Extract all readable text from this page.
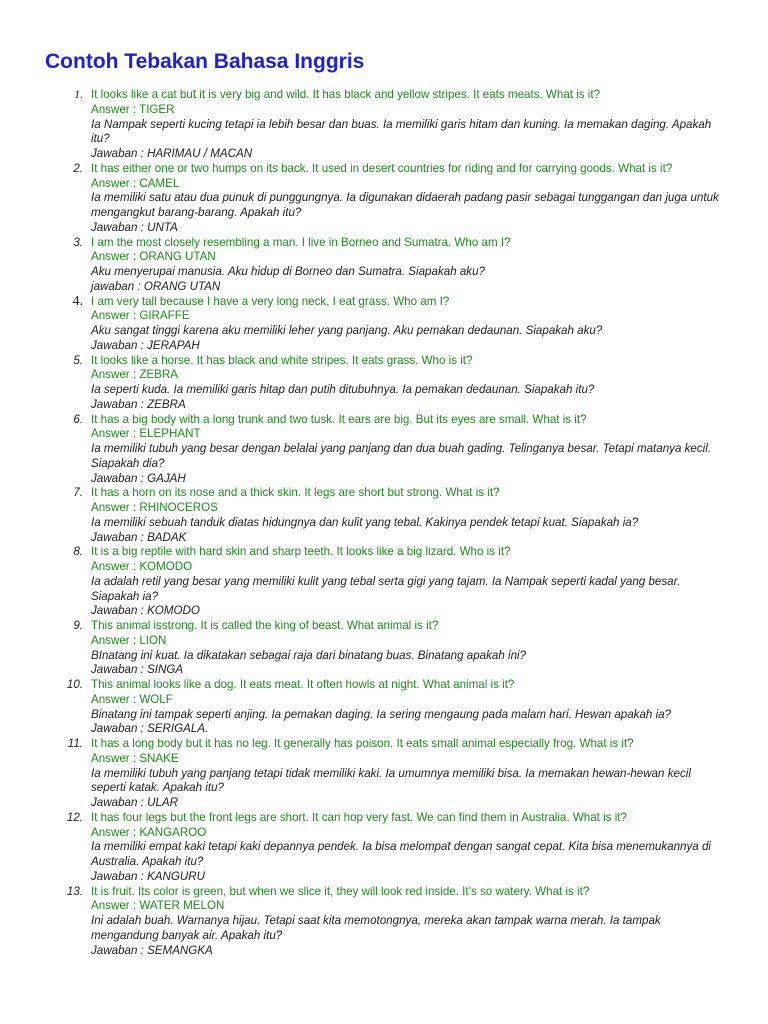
Contoh Tebakan Bahasa Inggris
1. It looks like a cat but it is very big and wild. It has black and yellow stripes. It eats meats. What is it?
Answer : TIGER
Ia Nampak seperti kucing tetapi ia lebih besar dan buas. Ia memiliki garis hitam dan kuning. Ia memakan daging. Apakah itu?
Jawaban : HARIMAU / MACAN
2. It has either one or two humps on its back. It used in desert countries for riding and for carrying goods. What is it?
Answer : CAMEL
Ia memiliki satu atau dua punuk di punggungnya. Ia digunakan didaerah padang pasir sebagai tunggangan dan juga untuk mengangkut barang-barang. Apakah itu?
Jawaban : UNTA
3. I am the most closely resembling a man. I live in Borneo and Sumatra. Who am I?
Answer : ORANG UTAN
Aku menyerupai manusia. Aku hidup di Borneo dan Sumatra. Siapakah aku?
jawaban : ORANG UTAN
4. I am very tall because I have a very long neck, I eat grass. Who am I?
Answer : GIRAFFE
Aku sangat tinggi karena aku memiliki leher yang panjang. Aku pemakan dedaunan. Siapakah aku?
Jawaban : JERAPAH
5. It looks like a horse. It has black and white stripes. It eats grass. Who is it?
Answer : ZEBRA
Ia seperti kuda. Ia memiliki garis hitap dan putih ditubuhnya. Ia pemakan dedaunan. Siapakah itu?
Jawaban : ZEBRA
6. It has a big body with a long trunk and two tusk. It ears are big. But its eyes are small. What is it?
Answer : ELEPHANT
Ia memiliki tubuh yang besar dengan belalai yang panjang dan dua buah gading. Telinganya besar. Tetapi matanya kecil. Siapakah dia?
Jawaban : GAJAH
7. It has a horn on its nose and a thick skin. It legs are short but strong. What is it?
Answer : RHINOCEROS
Ia memiliki sebuah tanduk diatas hidungnya dan kulit yang tebal. Kakinya pendek tetapi kuat. Siapakah ia?
Jawaban : BADAK
8. It is a big reptile with hard skin and sharp teeth. It looks like a big lizard. Who is it?
Answer : KOMODO
Ia adalah retil yang besar yang memiliki kulit yang tebal serta gigi yang tajam. Ia Nampak seperti kadal yang besar. Siapakah ia?
Jawaban : KOMODO
9. This animal isstrong. It is called the king of beast. What animal is it?
Answer : LION
BInatang ini kuat. Ia dikatakan sebagai raja dari binatang buas. Binatang apakah ini?
Jawaban : SINGA
10. This animal looks like a dog. It eats meat. It often howls at night. What animal is it?
Answer : WOLF
Binatang ini tampak seperti anjing. Ia pemakan daging. Ia sering mengaung pada malam hari. Hewan apakah ia?
Jawaban : SERIGALA.
11. It has a long body but it has no leg. It generally has poison. It eats small animal especially frog. What is it?
Answer : SNAKE
Ia memiliki tubuh yang panjang tetapi tidak memiliki kaki. Ia umumnya memiliki bisa. Ia memakan hewan-hewan kecil seperti katak. Apakah itu?
Jawaban : ULAR
12. It has four legs but the front legs are short. It can hop very fast. We can find them in Australia. What is it?
Answer : KANGAROO
Ia memiliki empat kaki tetapi kaki depannya pendek. Ia bisa melompat dengan sangat cepat. Kita bisa menemukannya di Australia. Apakah itu?
Jawaban : KANGURU
13. It is fruit. Its color is green, but when we slice it, they will look red inside. It’s so watery. What is it?
Answer : WATER MELON
Ini adalah buah. Warnanya hijau. Tetapi saat kita memotongnya, mereka akan tampak warna merah. Ia tampak mengandung banyak air. Apakah itu?
Jawaban : SEMANGKA
